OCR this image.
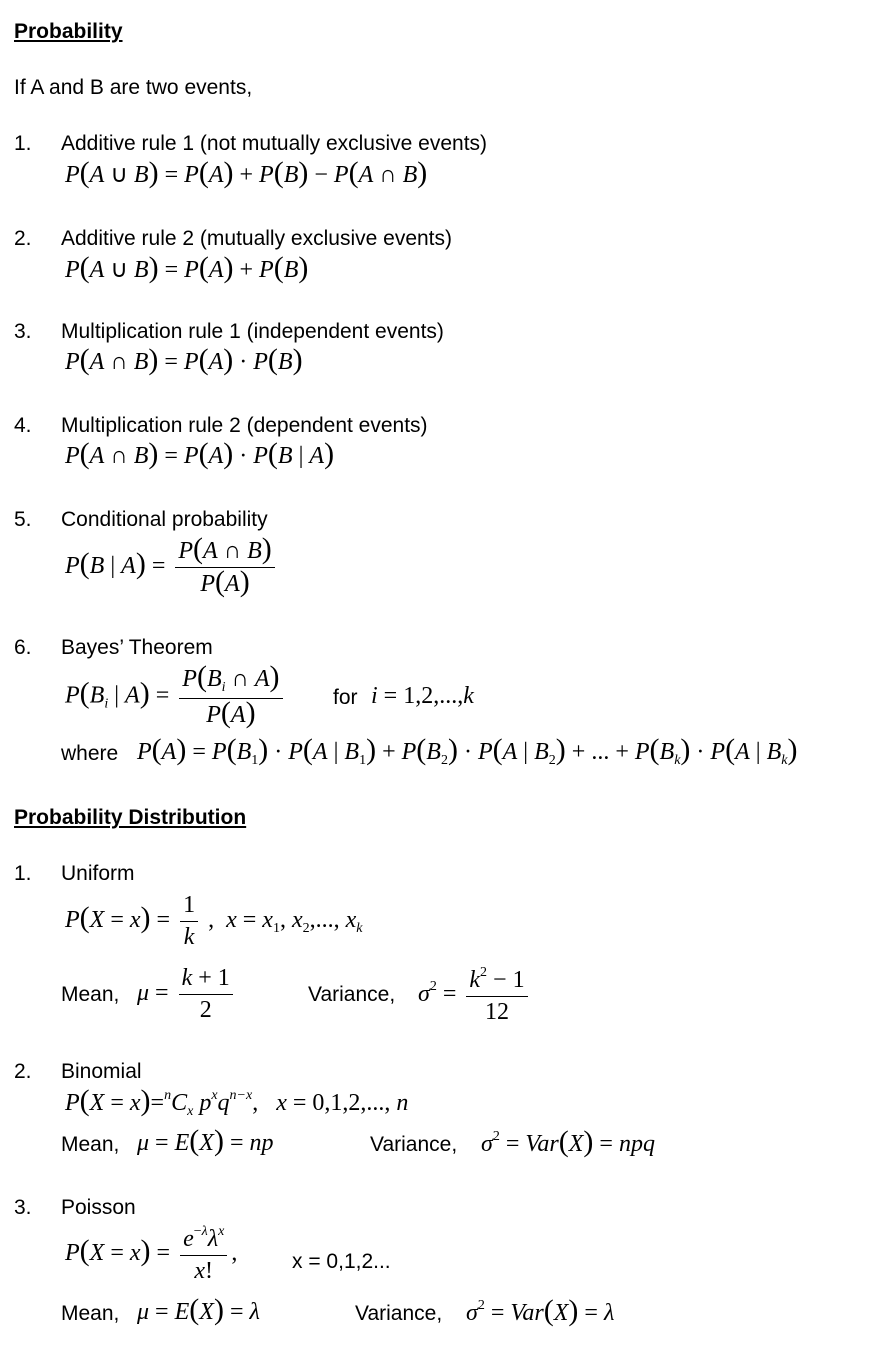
Probability
If A and B are two events,
1. Additive rule 1 (not mutually exclusive events)
P(A ∪ B) = P(A) + P(B) − P(A ∩ B)
2. Additive rule 2 (mutually exclusive events)
P(A ∪ B) = P(A) + P(B)
3. Multiplication rule 1 (independent events)
P(A ∩ B) = P(A) · P(B)
4. Multiplication rule 2 (dependent events)
P(A ∩ B) = P(A) · P(B | A)
5. Conditional probability
P(B | $A) = \frac{P(A \cap B)}{P(A)}$
6. Bayes’ Theorem
$P(B_i$ | $A) = \frac{P(B_i \cap A)}{P(A)}$ for i = 1,2,...,k
where $P(A) = P(B_1) \cdot P(A$ | $B_1) + P(B_2) \cdot P(A$ | $B_2$) + ... + $P(B_k) \cdot P(A$ | $B_k$)
Probability Distribution
1. Uniform
$P(X = x) = \frac{1}{k}$ ,  $x = x_1$, $x_2$,..., $x_k$
Mean, $\mu = \frac{k + 1}{2}$	Variance, $\sigma^2 = \frac{k^2 - 1}{12}$
2. Binomial
$P(X = x)=^nC_x$ $p^xq^{n-x}$,   x = 0,1,2,..., n
Mean, μ = E(X) = np	Variance, $\sigma^2 = Var(X)$ = npq
3. Poisson
$P(X = x) = \frac{e^{-\lambda}\lambda^x}{x!}$ ,	x = 0,1,2...
Mean, μ = E(X) = λ	Variance, $\sigma^2 = Var(X) = \lambda$
